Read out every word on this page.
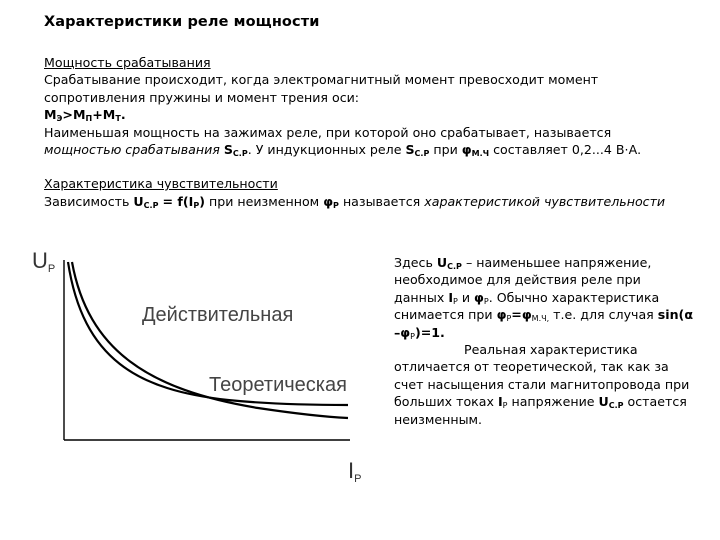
Характеристики реле мощности

Мощность срабатывания

Срабатывание происходит, когда электромагнитный момент превосходит момент сопротивления пружины и момент трения оси:

$M_Э>M_П+M_Т$.

Наименьшая мощность на зажимах реле, при которой оно срабатывает, называется мощностью срабатывания $S_{С.Р}$. У индукционных реле $S_{С.Р}$ при $\varphi_{М.Ч}$ составляет 0,2...4 В·А.

Характеристика чувствительности

Зависимость $U_{С.Р} = f(I_Р)$ при неизменном $\varphi_Р$ называется характеристикой чувствительности

UР
IР
Действительная
Теоретическая

Здесь $U_{С.Р}$ – наименьшее напряжение, необходимое для действия реле при данных $I_Р$ и $\varphi_Р$. Обычно характеристика снимается при $\varphi_Р=\varphi_{М.Ч,}$ т.е. для случая sin(α $-\varphi_Р)=1$.

Реальная характеристика отличается от теоретической, так как за счет насыщения стали магнитопровода при больших токах $I_Р$ напряжение $U_{С.Р}$ остается неизменным.
